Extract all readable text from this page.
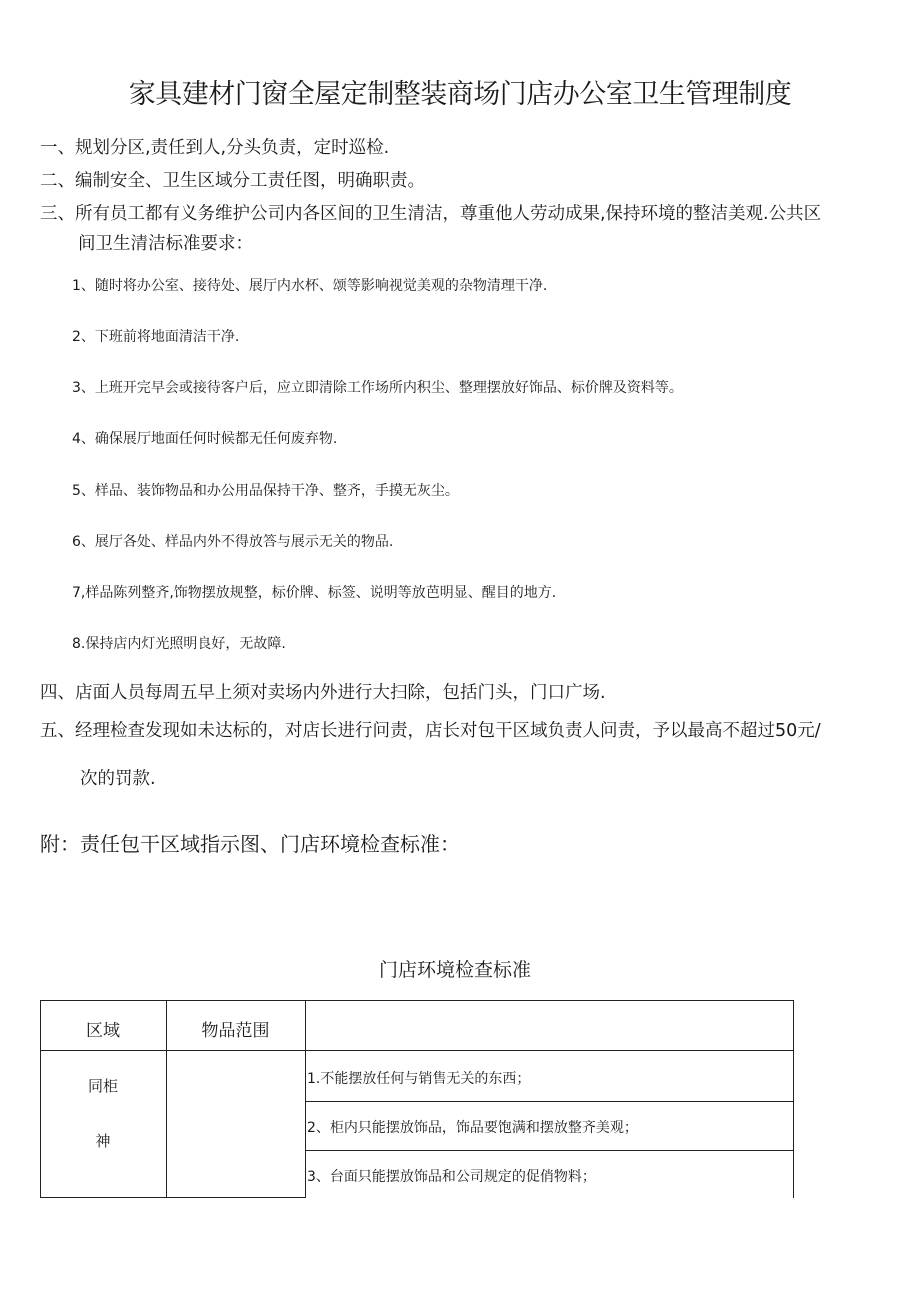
家具建材门窗全屋定制整装商场门店办公室卫生管理制度
一、规划分区,责任到人,分头负责，定时巡检.
二、编制安全、卫生区域分工责任图，明确职责。
三、所有员工都有义务维护公司内各区间的卫生清洁，尊重他人劳动成果,保持环境的整洁美观.公共区
间卫生清洁标准要求：
1、随时将办公室、接待处、展厅内水杯、颂等影响视觉美观的杂物清理干净.
2、下班前将地面清洁干净.
3、上班开完早会或接待客户后，应立即清除工作场所内积尘、整理摆放好饰品、标价牌及资料等。
4、确保展厅地面任何时候都无任何废弃物.
5、样品、装饰物品和办公用品保持干净、整齐，手摸无灰尘。
6、展厅各处、样品内外不得放答与展示无关的物品.
7,样品陈列整齐,饰物摆放规整，标价牌、标签、说明等放芭明显、醒目的地方.
8.保持店内灯光照明良好，无故障.
四、店面人员每周五早上须对卖场内外进行大扫除，包括门头，门口广场.
五、经理检查发现如未达标的，对店长进行问责，店长对包干区域负责人问责，予以最高不超过50元/
次的罚款.
附：责任包干区域指示图、门店环境检查标准：
门店环境检查标准
区域	物品范围
同柜
神
1.不能摆放任何与销售无关的东西；
2、柜内只能摆放饰品，饰品要饱满和摆放整齐美观；
3、台面只能摆放饰品和公司规定的促俏物料；
